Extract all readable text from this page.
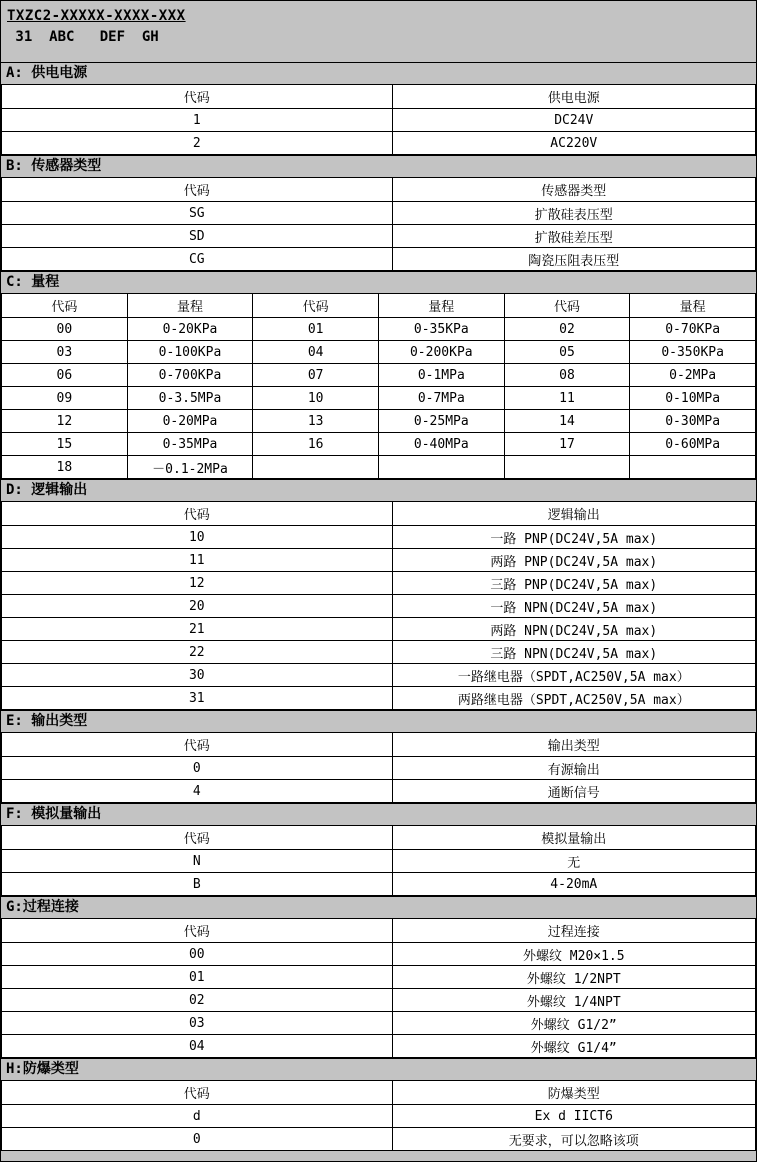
TXZC2-XXXXX-XXXX-XXX
31  ABC   DEF  GH
A: 供电电源
代码	供电电源
1	DC24V
2	AC220V
B: 传感器类型
代码	传感器类型
SG	扩散硅表压型
SD	扩散硅差压型
CG	陶瓷压阻表压型
C: 量程
代码	量程	代码	量程	代码	量程
00	0-20KPa	01	0-35KPa	02	0-70KPa
03	0-100KPa	04	0-200KPa	05	0-350KPa
06	0-700KPa	07	0-1MPa	08	0-2MPa
09	0-3.5MPa	10	0-7MPa	11	0-10MPa
12	0-20MPa	13	0-25MPa	14	0-30MPa
15	0-35MPa	16	0-40MPa	17	0-60MPa
18	－0.1-2MPa				
D: 逻辑输出
代码	逻辑输出
10	一路 PNP(DC24V,5A max)
11	两路 PNP(DC24V,5A max)
12	三路 PNP(DC24V,5A max)
20	一路 NPN(DC24V,5A max)
21	两路 NPN(DC24V,5A max)
22	三路 NPN(DC24V,5A max)
30	一路继电器（SPDT,AC250V,5A max）
31	两路继电器（SPDT,AC250V,5A max）
E: 输出类型
代码	输出类型
0	有源输出
4	通断信号
F: 模拟量输出
代码	模拟量输出
N	无
B	4-20mA
G:过程连接
代码	过程连接
00	外螺纹 M20×1.5
01	外螺纹 1/2NPT
02	外螺纹 1/4NPT
03	外螺纹 G1/2”
04	外螺纹 G1/4”
H:防爆类型
代码	防爆类型
d	Ex d IICT6
0	无要求，可以忽略该项
